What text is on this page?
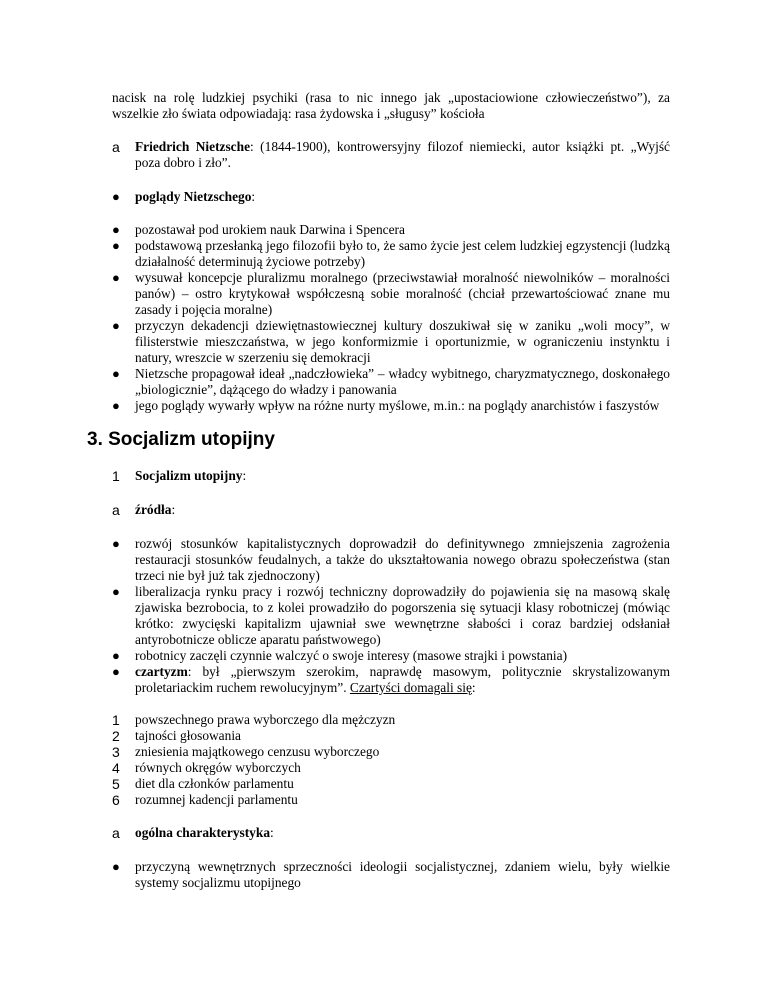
nacisk na rolę ludzkiej psychiki (rasa to nic innego jak „upostaciowione człowieczeństwo”), za wszelkie zło świata odpowiadają: rasa żydowska i „sługusy” kościoła
a	Friedrich Nietzsche: (1844-1900), kontrowersyjny filozof niemiecki, autor książki pt. „Wyjść poza dobro i zło”.
●	poglądy Nietzschego:
●	pozostawał pod urokiem nauk Darwina i Spencera
●	podstawową przesłanką jego filozofii było to, że samo życie jest celem ludzkiej egzystencji (ludzką działalność determinują życiowe potrzeby)
●	wysuwał koncepcje pluralizmu moralnego (przeciwstawiał moralność niewolników – moralności panów) – ostro krytykował współczesną sobie moralność (chciał przewartościować znane mu zasady i pojęcia moralne)
●	przyczyn dekadencji dziewiętnastowiecznej kultury doszukiwał się w zaniku „woli mocy”, w filisterstwie mieszczaństwa, w jego konformizmie i oportunizmie, w ograniczeniu instynktu i natury, wreszcie w szerzeniu się demokracji
●	Nietzsche propagował ideał „nadczłowieka” – władcy wybitnego, charyzmatycznego, doskonałego „biologicznie”, dążącego do władzy i panowania
●	jego poglądy wywarły wpływ na różne nurty myślowe, m.in.: na poglądy anarchistów i faszystów
3. Socjalizm utopijny
1	Socjalizm utopijny:
a	źródła:
●	rozwój stosunków kapitalistycznych doprowadził do definitywnego zmniejszenia zagrożenia restauracji stosunków feudalnych, a także do ukształtowania nowego obrazu społeczeństwa (stan trzeci nie był już tak zjednoczony)
●	liberalizacja rynku pracy i rozwój techniczny doprowadziły do pojawienia się na masową skalę zjawiska bezrobocia, to z kolei prowadziło do pogorszenia się sytuacji klasy robotniczej (mówiąc krótko: zwycięski kapitalizm ujawniał swe wewnętrzne słabości i coraz bardziej odsłaniał antyrobotnicze oblicze aparatu państwowego)
●	robotnicy zaczęli czynnie walczyć o swoje interesy (masowe strajki i powstania)
●	czartyzm: był „pierwszym szerokim, naprawdę masowym, politycznie skrystalizowanym proletariackim ruchem rewolucyjnym”. Czartyści domagali się:
1	powszechnego prawa wyborczego dla mężczyzn
2	tajności głosowania
3	zniesienia majątkowego cenzusu wyborczego
4	równych okręgów wyborczych
5	diet dla członków parlamentu
6	rozumnej kadencji parlamentu
a	ogólna charakterystyka:
●	przyczyną wewnętrznych sprzeczności ideologii socjalistycznej, zdaniem wielu, były wielkie systemy socjalizmu utopijnego
